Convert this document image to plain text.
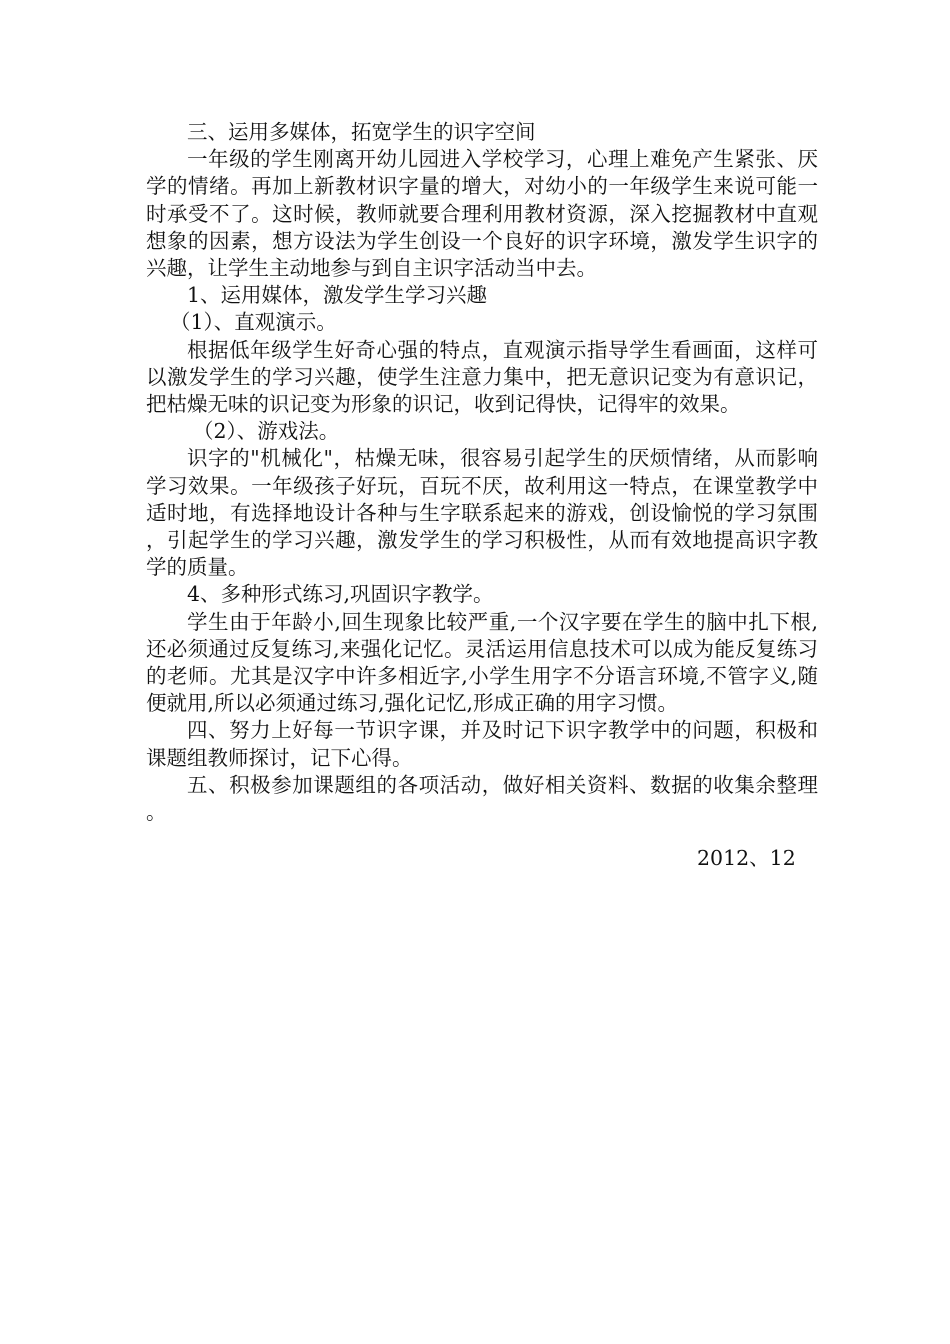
三、运用多媒体，拓宽学生的识字空间

一年级的学生刚离开幼儿园进入学校学习，心理上难免产生紧张、厌学的情绪。再加上新教材识字量的增大，对幼小的一年级学生来说可能一时承受不了。这时候，教师就要合理利用教材资源，深入挖掘教材中直观想象的因素，想方设法为学生创设一个良好的识字环境，激发学生识字的兴趣，让学生主动地参与到自主识字活动当中去。

1、运用媒体，激发学生学习兴趣

（1）、直观演示。

根据低年级学生好奇心强的特点，直观演示指导学生看画面，这样可以激发学生的学习兴趣，使学生注意力集中，把无意识记变为有意识记，把枯燥无味的识记变为形象的识记，收到记得快，记得牢的效果。

（2）、游戏法。

识字的"机械化"，枯燥无味，很容易引起学生的厌烦情绪，从而影响学习效果。一年级孩子好玩，百玩不厌，故利用这一特点，在课堂教学中适时地，有选择地设计各种与生字联系起来的游戏，创设愉悦的学习氛围，引起学生的学习兴趣，激发学生的学习积极性，从而有效地提高识字教学的质量。

4、多种形式练习,巩固识字教学。

学生由于年龄小,回生现象比较严重,一个汉字要在学生的脑中扎下根,还必须通过反复练习,来强化记忆。灵活运用信息技术可以成为能反复练习的老师。尤其是汉字中许多相近字,小学生用字不分语言环境,不管字义,随便就用,所以必须通过练习,强化记忆,形成正确的用字习惯。

四、努力上好每一节识字课，并及时记下识字教学中的问题，积极和课题组教师探讨，记下心得。

五、积极参加课题组的各项活动，做好相关资料、数据的收集余整理。

2012、12
